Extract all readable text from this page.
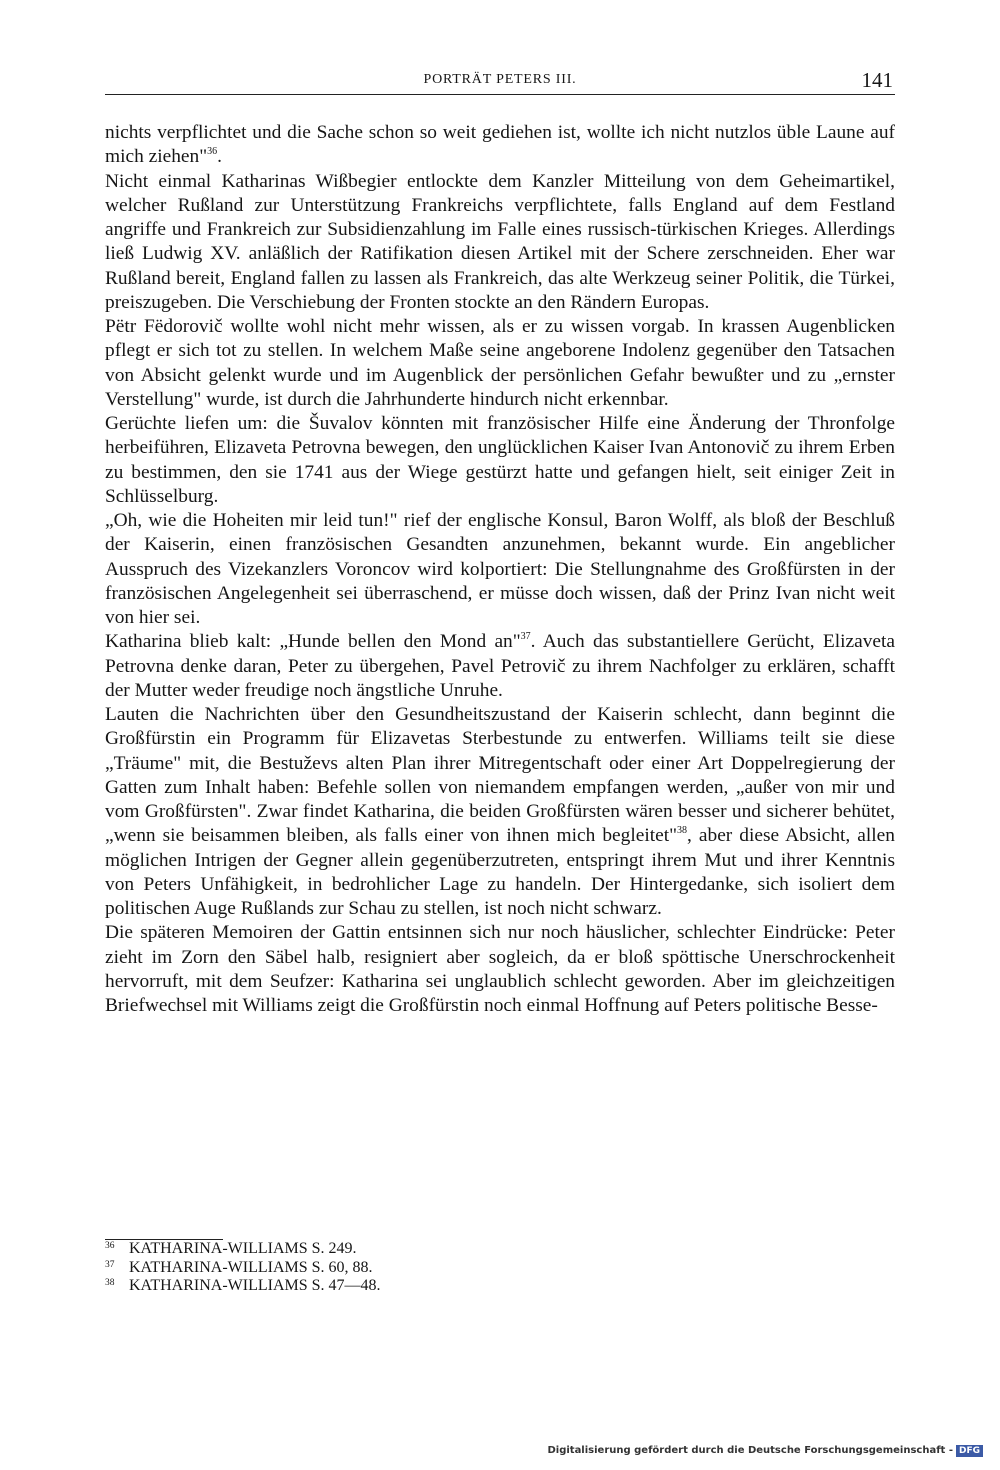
PORTRÄT PETERS III.	141

nichts verpflichtet und die Sache schon so weit gediehen ist, wollte ich nicht nutzlos üble Laune auf mich ziehen"$^{36}$.

Nicht einmal Katharinas Wißbegier entlockte dem Kanzler Mitteilung von dem Geheimartikel, welcher Rußland zur Unterstützung Frankreichs verpflichtete, falls England auf dem Festland angriffe und Frankreich zur Subsidienzahlung im Falle eines russisch-türkischen Krieges. Allerdings ließ Ludwig XV. anläßlich der Ratifikation diesen Artikel mit der Schere zerschneiden. Eher war Rußland bereit, England fallen zu lassen als Frankreich, das alte Werkzeug seiner Politik, die Türkei, preiszugeben. Die Verschiebung der Fronten stockte an den Rändern Europas.

Pëtr Fëdorovič wollte wohl nicht mehr wissen, als er zu wissen vorgab. In krassen Augenblicken pflegt er sich tot zu stellen. In welchem Maße seine angeborene Indolenz gegenüber den Tatsachen von Absicht gelenkt wurde und im Augenblick der persönlichen Gefahr bewußter und zu „ernster Verstellung" wurde, ist durch die Jahrhunderte hindurch nicht erkennbar.

Gerüchte liefen um: die Šuvalov könnten mit französischer Hilfe eine Änderung der Thronfolge herbeiführen, Elizaveta Petrovna bewegen, den unglücklichen Kaiser Ivan Antonovič zu ihrem Erben zu bestimmen, den sie 1741 aus der Wiege gestürzt hatte und gefangen hielt, seit einiger Zeit in Schlüsselburg.

„Oh, wie die Hoheiten mir leid tun!" rief der englische Konsul, Baron Wolff, als bloß der Beschluß der Kaiserin, einen französischen Gesandten anzunehmen, bekannt wurde. Ein angeblicher Ausspruch des Vizekanzlers Voroncov wird kolportiert: Die Stellungnahme des Großfürsten in der französischen Angelegenheit sei überraschend, er müsse doch wissen, daß der Prinz Ivan nicht weit von hier sei.

Katharina blieb kalt: „Hunde bellen den Mond an"$^{37}$. Auch das substantiellere Gerücht, Elizaveta Petrovna denke daran, Peter zu übergehen, Pavel Petrovič zu ihrem Nachfolger zu erklären, schafft der Mutter weder freudige noch ängstliche Unruhe.

Lauten die Nachrichten über den Gesundheitszustand der Kaiserin schlecht, dann beginnt die Großfürstin ein Programm für Elizavetas Sterbestunde zu entwerfen. Williams teilt sie diese „Träume" mit, die Bestuževs alten Plan ihrer Mitregentschaft oder einer Art Doppelregierung der Gatten zum Inhalt haben: Befehle sollen von niemandem empfangen werden, „außer von mir und vom Großfürsten". Zwar findet Katharina, die beiden Großfürsten wären besser und sicherer behütet, „wenn sie beisammen bleiben, als falls einer von ihnen mich begleitet"$^{38}$, aber diese Absicht, allen möglichen Intrigen der Gegner allein gegenüberzutreten, entspringt ihrem Mut und ihrer Kenntnis von Peters Unfähigkeit, in bedrohlicher Lage zu handeln. Der Hintergedanke, sich isoliert dem politischen Auge Rußlands zur Schau zu stellen, ist noch nicht schwarz.

Die späteren Memoiren der Gattin entsinnen sich nur noch häuslicher, schlechter Eindrücke: Peter zieht im Zorn den Säbel halb, resigniert aber sogleich, da er bloß spöttische Unerschrockenheit hervorruft, mit dem Seufzer: Katharina sei unglaublich schlecht geworden. Aber im gleichzeitigen Briefwechsel mit Williams zeigt die Großfürstin noch einmal Hoffnung auf Peters politische Besse-

36 KATHARINA-WILLIAMS S. 249.
37 KATHARINA-WILLIAMS S. 60, 88.
38 KATHARINA-WILLIAMS S. 47—48.
Digitalisierung gefördert durch die Deutsche Forschungsgemeinschaft - DFG
